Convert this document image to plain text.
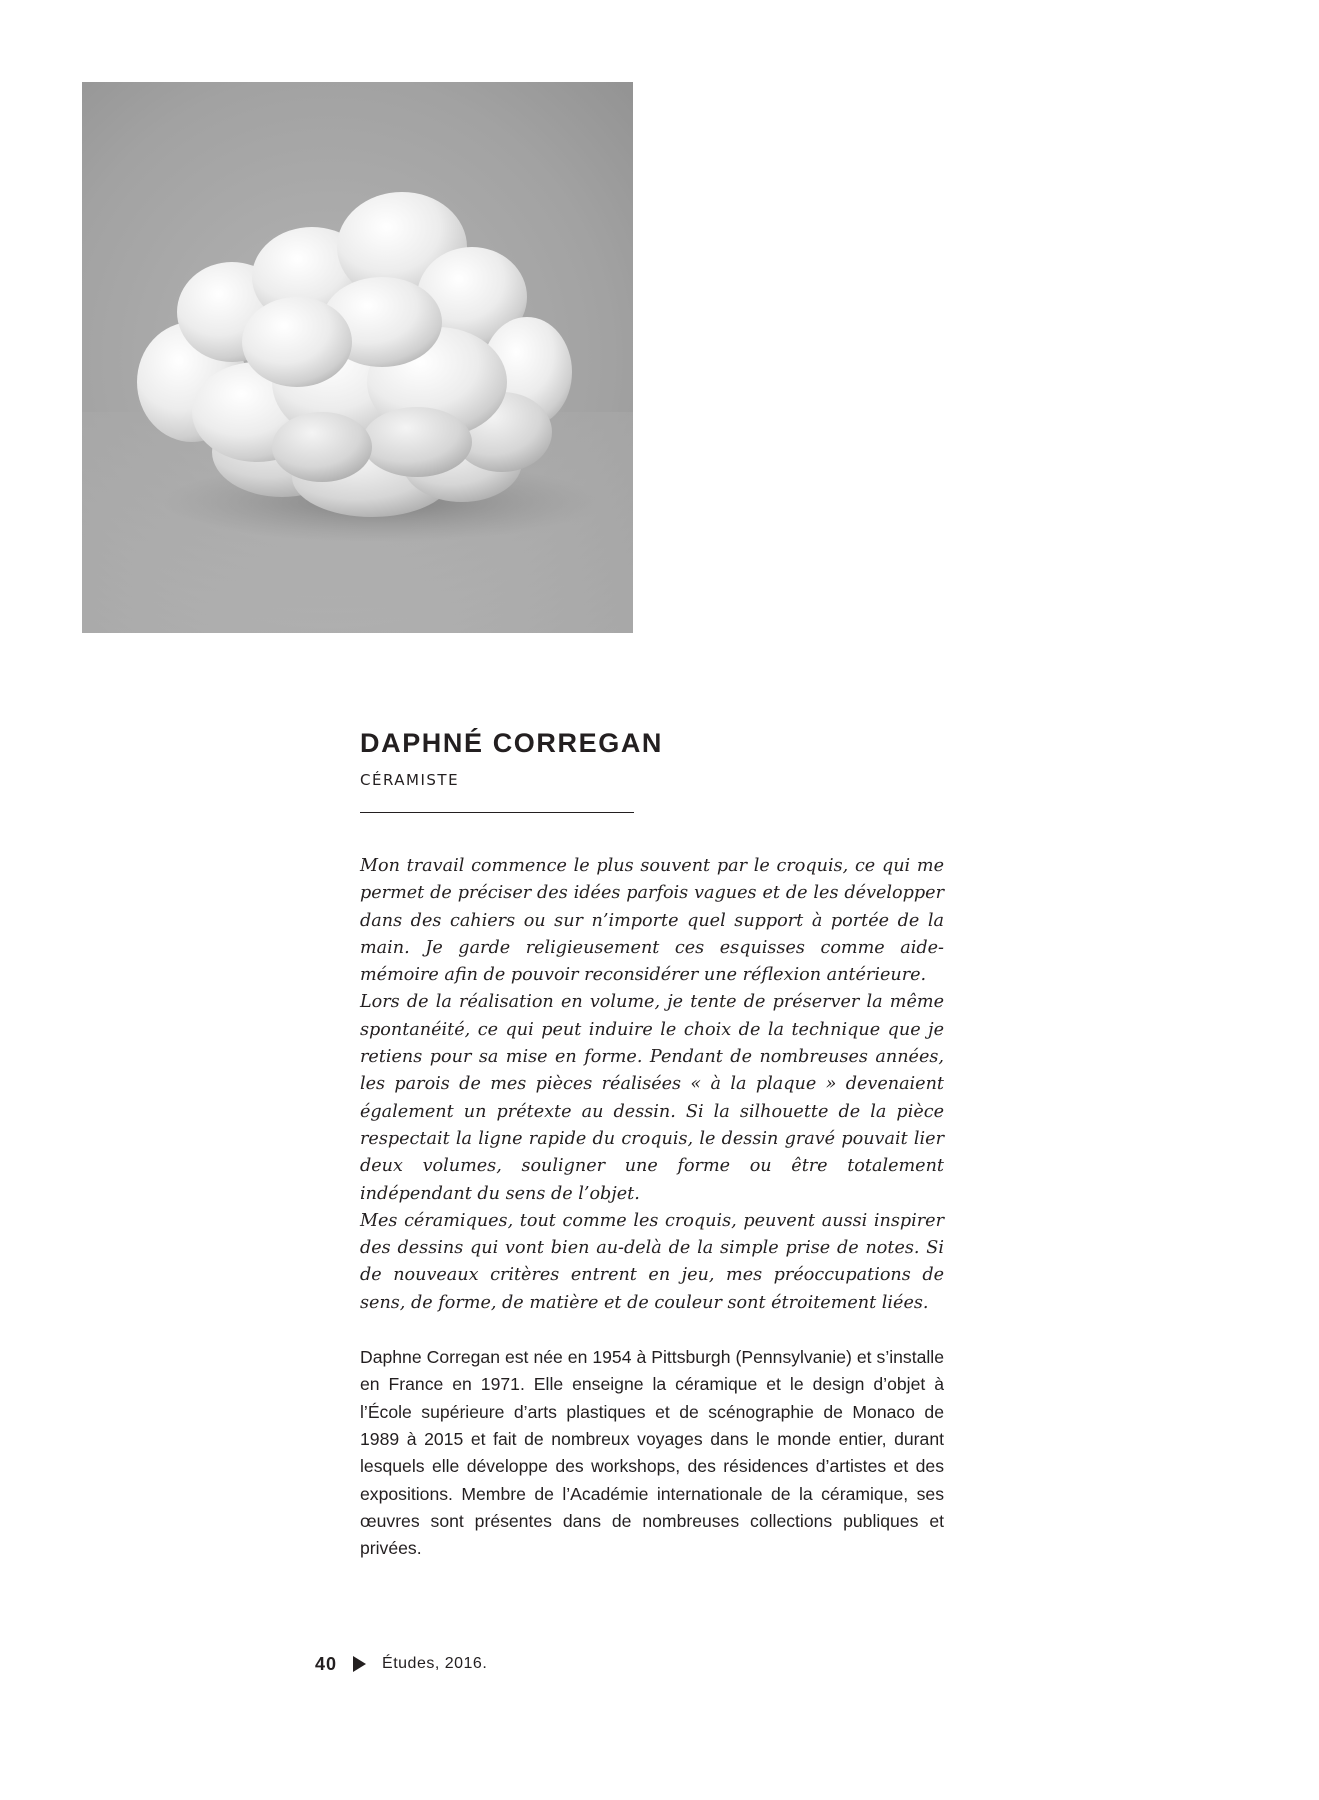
DAPHNÉ CORREGAN
CÉRAMISTE

Mon travail commence le plus souvent par le croquis, ce qui me permet de préciser des idées parfois vagues et de les développer dans des cahiers ou sur n’importe quel support à portée de la main. Je garde religieusement ces esquisses comme aide-mémoire afin de pouvoir reconsidérer une réflexion antérieure.

Lors de la réalisation en volume, je tente de préserver la même spontanéité, ce qui peut induire le choix de la technique que je retiens pour sa mise en forme. Pendant de nombreuses années, les parois de mes pièces réalisées « à la plaque » devenaient également un prétexte au dessin. Si la silhouette de la pièce respectait la ligne rapide du croquis, le dessin gravé pouvait lier deux volumes, souligner une forme ou être totalement indépendant du sens de l’objet.

Mes céramiques, tout comme les croquis, peuvent aussi inspirer des dessins qui vont bien au-delà de la simple prise de notes. Si de nouveaux critères entrent en jeu, mes préoccupations de sens, de forme, de matière et de couleur sont étroitement liées.

Daphne Corregan est née en 1954 à Pittsburgh (Pennsylvanie) et s’installe en France en 1971. Elle enseigne la céramique et le design d’objet à l’École supérieure d’arts plastiques et de scénographie de Monaco de 1989 à 2015 et fait de nombreux voyages dans le monde entier, durant lesquels elle développe des workshops, des résidences d’artistes et des expositions. Membre de l’Académie internationale de la céramique, ses œuvres sont présentes dans de nombreuses collections publiques et privées.
40	Études, 2016.
